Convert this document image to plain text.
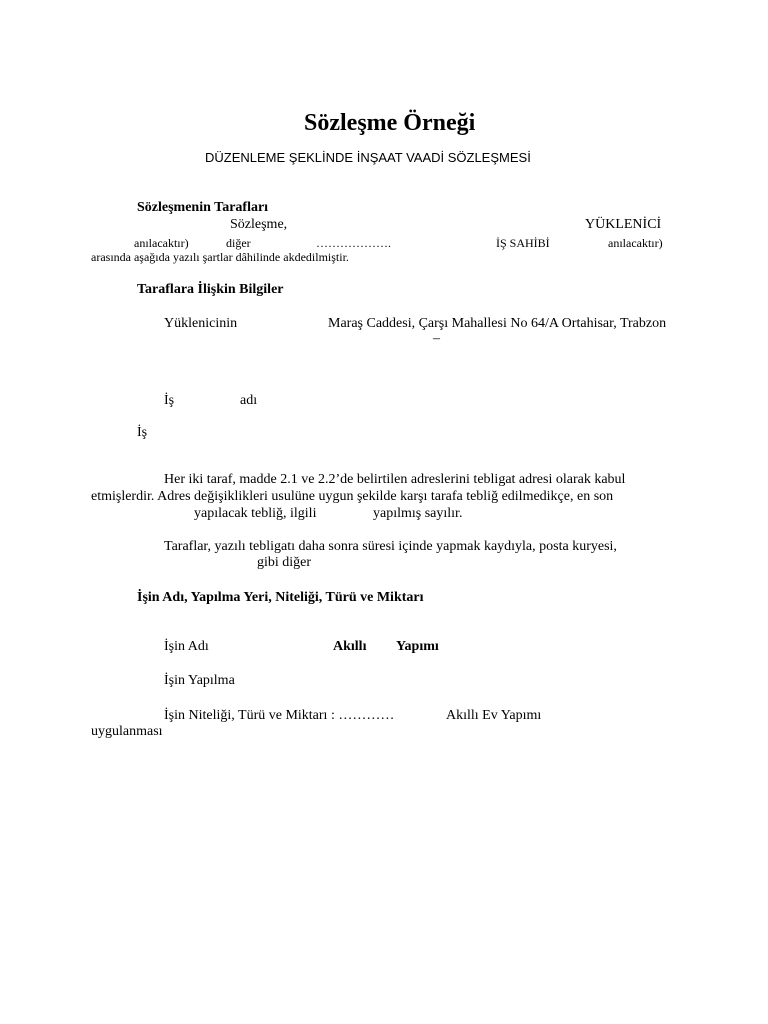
Sözleşme Örneği
DÜZENLEME ŞEKLİNDE İNŞAAT VAADİ SÖZLEŞMESİ
Sözleşmenin Tarafları
Sözleşme,	YÜKLENİCİ
anılacaktır)	diğer	……………….	İŞ SAHİBİ	anılacaktır)
arasında aşağıda yazılı şartlar dâhilinde akdedilmiştir.
Taraflara İlişkin Bilgiler
Yüklenicinin	Maraş Caddesi, Çarşı Mahallesi No 64/A Ortahisar, Trabzon
–
İş	adı
İş
Her iki taraf, madde 2.1 ve 2.2’de belirtilen adreslerini tebligat adresi olarak kabul
etmişlerdir. Adres değişiklikleri usulüne uygun şekilde karşı tarafa tebliğ edilmedikçe, en son
yapılacak tebliğ, ilgili	yapılmış sayılır.
Taraflar, yazılı tebligatı daha sonra süresi içinde yapmak kaydıyla, posta kuryesi,
gibi diğer
İşin Adı, Yapılma Yeri, Niteliği, Türü ve Miktarı
İşin Adı	Akıllı Yapımı
İşin Yapılma
İşin Niteliği, Türü ve Miktarı : …………	Akıllı Ev Yapımı
uygulanması
